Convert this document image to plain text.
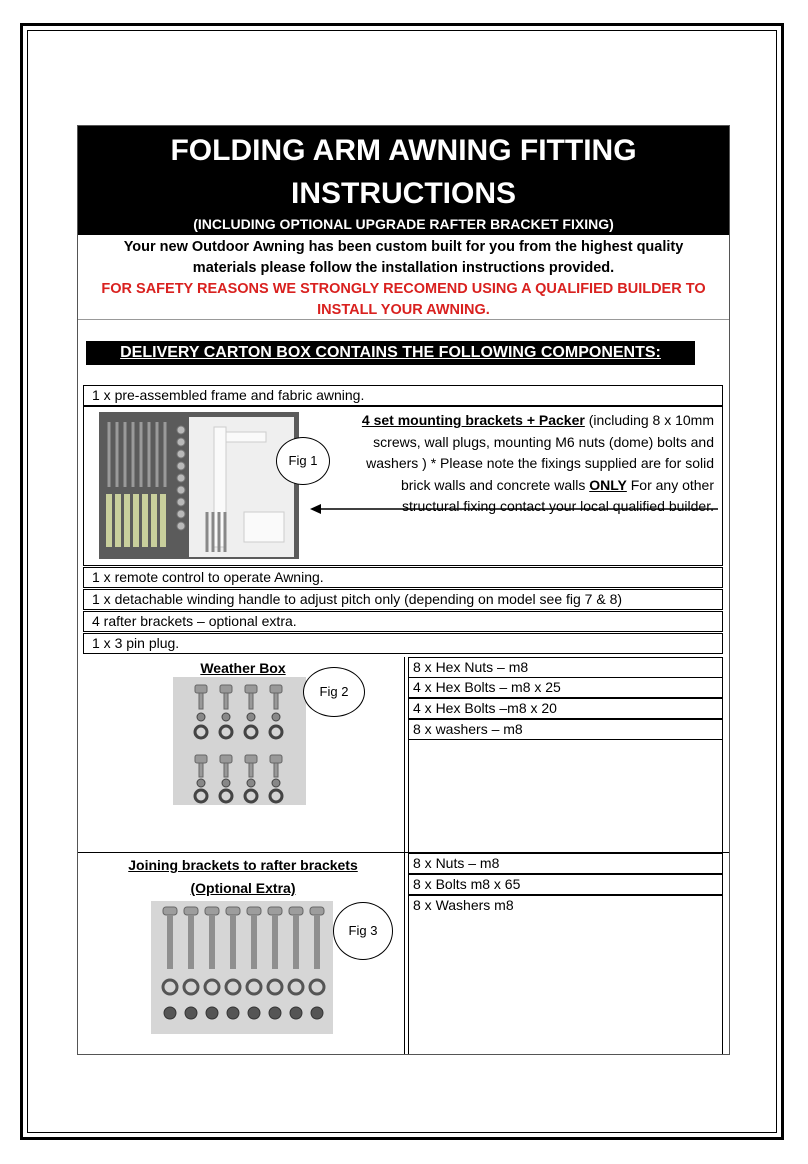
FOLDING ARM AWNING FITTING
INSTRUCTIONS
(INCLUDING OPTIONAL UPGRADE RAFTER BRACKET FIXING)
Your new Outdoor Awning has been custom built for you from the highest quality
materials please follow the installation instructions provided.
FOR SAFETY REASONS WE STRONGLY RECOMEND USING A QUALIFIED BUILDER TO
INSTALL YOUR AWNING.
DELIVERY CARTON BOX CONTAINS THE FOLLOWING COMPONENTS:
1 x pre-assembled frame and fabric awning.
Fig 1
4 set mounting brackets + Packer (including 8 x 10mm
screws, wall plugs, mounting M6 nuts (dome) bolts and
washers ) * Please note the fixings supplied are for solid
brick walls and concrete walls ONLY For any other
structural fixing contact your local qualified builder.
1 x remote control to operate Awning.
1 x detachable winding handle to adjust pitch only (depending on model see fig 7 & 8)
4 rafter brackets – optional extra.
1 x 3 pin plug.
Weather Box
Fig 2
8 x Hex Nuts – m8
4 x Hex Bolts – m8 x 25
4 x Hex Bolts –m8 x 20
8 x washers – m8
Joining brackets to rafter brackets
(Optional Extra)
Fig 3
8 x Nuts – m8
8 x Bolts m8 x 65
8 x Washers m8
